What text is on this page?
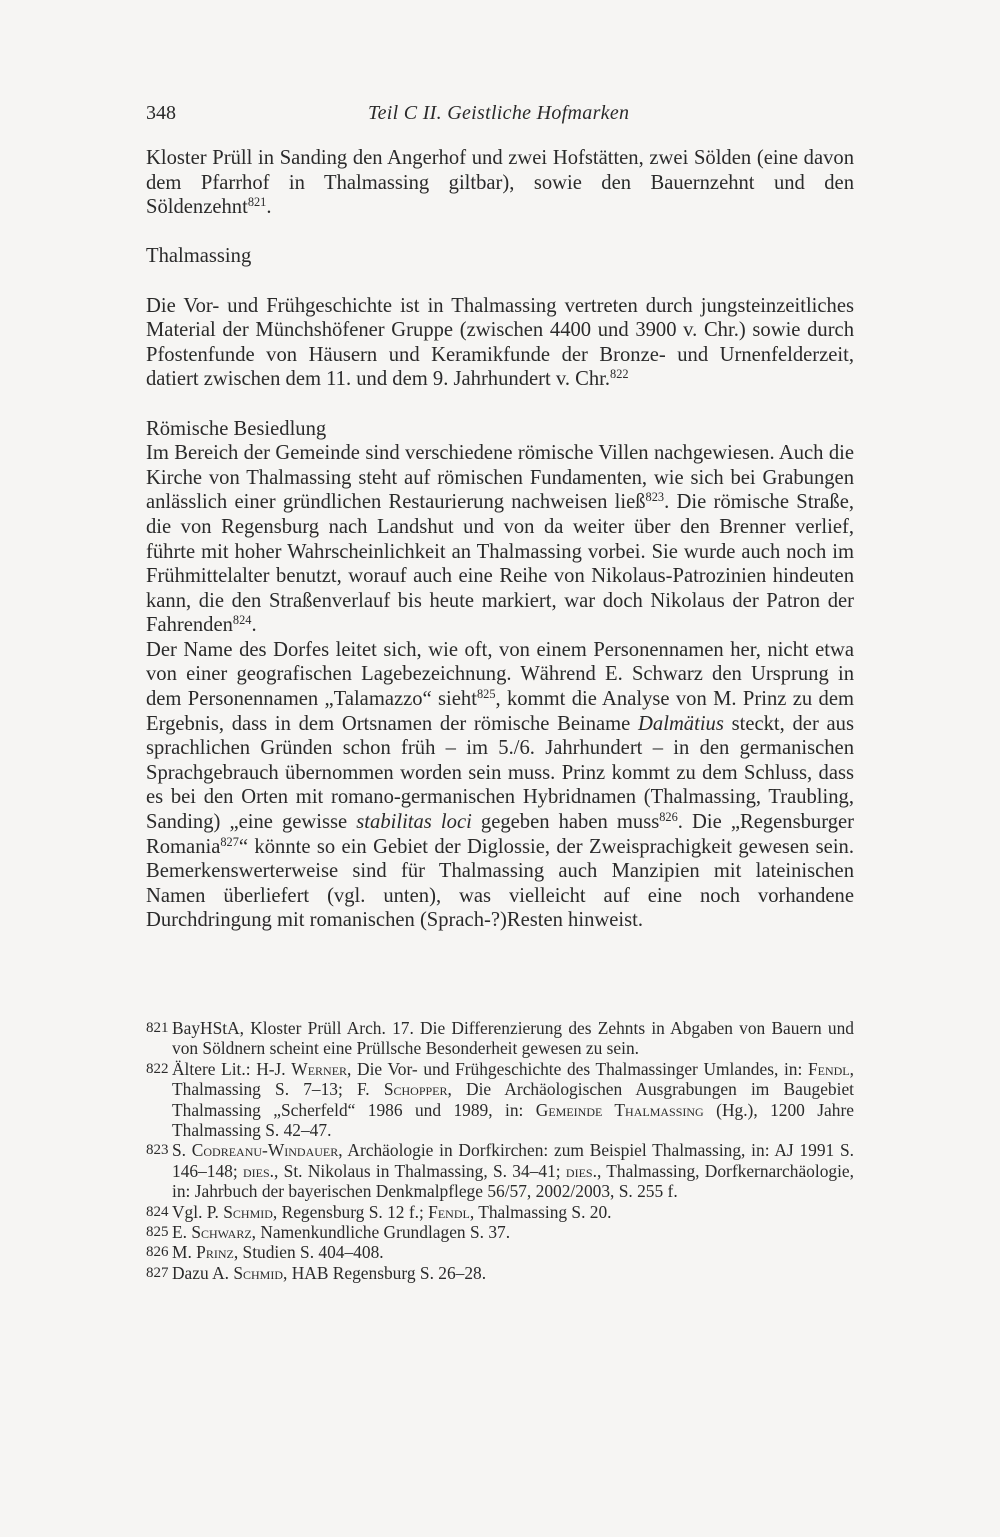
348	Teil C II. Geistliche Hofmarken

Kloster Prüll in Sanding den Angerhof und zwei Hofstätten, zwei Sölden (eine davon dem Pfarrhof in Thalmassing giltbar), sowie den Bauernzehnt und den Söldenzehnt$^{821}$.

Thalmassing

Die Vor- und Frühgeschichte ist in Thalmassing vertreten durch jungsteinzeitliches Material der Münchshöfener Gruppe (zwischen 4400 und 3900 v. Chr.) sowie durch Pfostenfunde von Häusern und Keramikfunde der Bronze- und Urnenfelderzeit, datiert zwischen dem 11. und dem 9. Jahrhundert v. Chr.$^{822}$

Römische Besiedlung

Im Bereich der Gemeinde sind verschiedene römische Villen nachgewiesen. Auch die Kirche von Thalmassing steht auf römischen Fundamenten, wie sich bei Grabungen anlässlich einer gründlichen Restaurierung nachweisen ließ$^{823}$. Die römische Straße, die von Regensburg nach Landshut und von da weiter über den Brenner verlief, führte mit hoher Wahrscheinlichkeit an Thalmassing vorbei. Sie wurde auch noch im Frühmittelalter benutzt, worauf auch eine Reihe von Nikolaus-Patrozinien hindeuten kann, die den Straßenverlauf bis heute markiert, war doch Nikolaus der Patron der Fahrenden$^{824}$.

Der Name des Dorfes leitet sich, wie oft, von einem Personennamen her, nicht etwa von einer geografischen Lagebezeichnung. Während E. Schwarz den Ursprung in dem Personennamen „Talamazzo“ sieht$^{825}$, kommt die Analyse von M. Prinz zu dem Ergebnis, dass in dem Ortsnamen der römische Beiname Dalmätius steckt, der aus sprachlichen Gründen schon früh – im 5./6. Jahrhundert – in den germanischen Sprachgebrauch übernommen worden sein muss. Prinz kommt zu dem Schluss, dass es bei den Orten mit romano-germanischen Hybridnamen (Thalmassing, Traubling, Sanding) „eine gewisse stabilitas loci gegeben haben muss$^{826}$. Die „Regensburger Romania$^{827}$“ könnte so ein Gebiet der Diglossie, der Zweisprachigkeit gewesen sein. Bemerkenswerterweise sind für Thalmassing auch Manzipien mit lateinischen Namen überliefert (vgl. unten), was vielleicht auf eine noch vorhandene Durchdringung mit romanischen (Sprach-?)Resten hinweist.

821 BayHStA, Kloster Prüll Arch. 17. Die Differenzierung des Zehnts in Abgaben von Bauern und von Söldnern scheint eine Prüllsche Besonderheit gewesen zu sein.

822 Ältere Lit.: H-J. Werner, Die Vor- und Frühgeschichte des Thalmassinger Umlandes, in: Fendl, Thalmassing S. 7–13; F. Schopper, Die Archäologischen Ausgrabungen im Baugebiet Thalmassing „Scherfeld“ 1986 und 1989, in: Gemeinde Thalmassing (Hg.), 1200 Jahre Thalmassing S. 42–47.

823 S. Codreanu-Windauer, Archäologie in Dorfkirchen: zum Beispiel Thalmassing, in: AJ 1991 S. 146–148; dies., St. Nikolaus in Thalmassing, S. 34–41; dies., Thalmassing, Dorfkernarchäologie, in: Jahrbuch der bayerischen Denkmalpflege 56/57, 2002/2003, S. 255 f.

824 Vgl. P. Schmid, Regensburg S. 12 f.; Fendl, Thalmassing S. 20.

825 E. Schwarz, Namenkundliche Grundlagen S. 37.

826 M. Prinz, Studien S. 404–408.

827 Dazu A. Schmid, HAB Regensburg S. 26–28.
